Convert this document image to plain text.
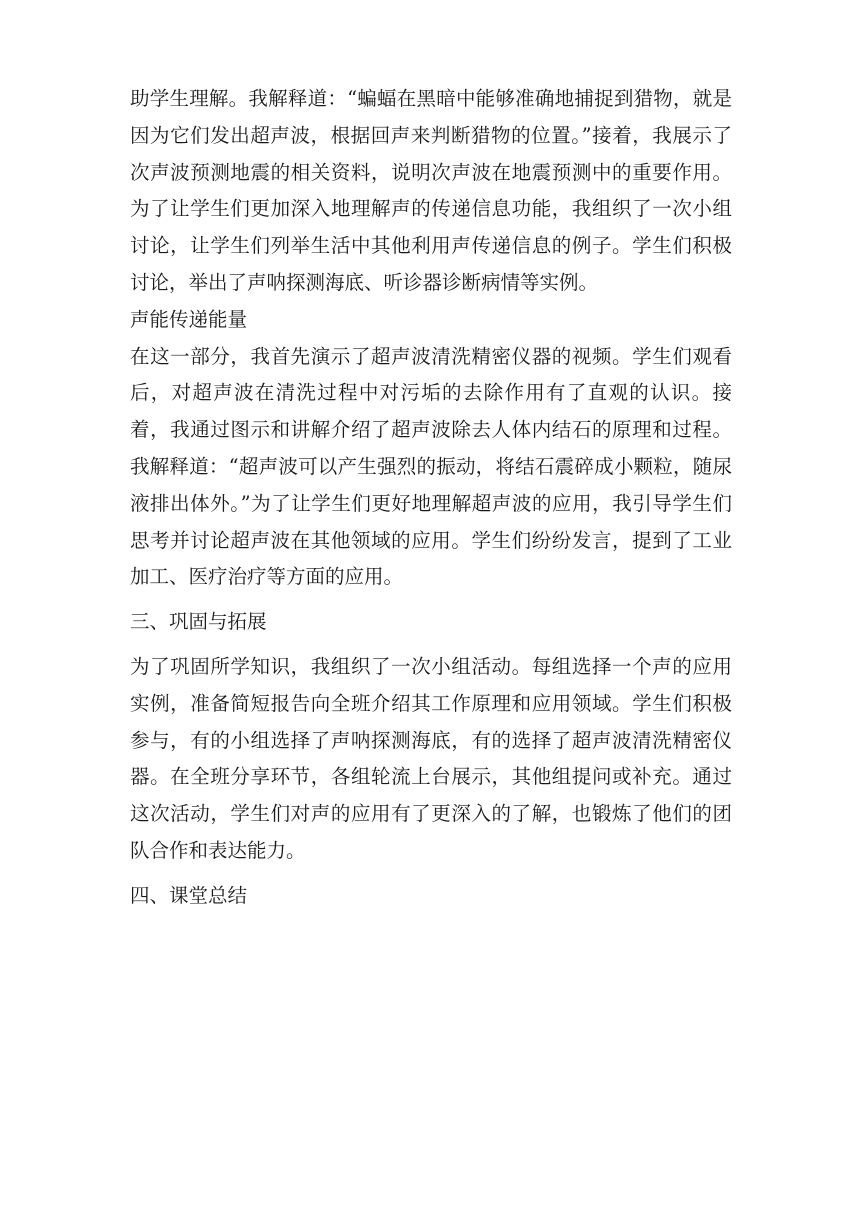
助学生理解。我解释道：“蝙蝠在黑暗中能够准确地捕捉到猎物，就是因为它们发出超声波，根据回声来判断猎物的位置。”接着，我展示了次声波预测地震的相关资料，说明次声波在地震预测中的重要作用。为了让学生们更加深入地理解声的传递信息功能，我组织了一次小组讨论，让学生们列举生活中其他利用声传递信息的例子。学生们积极讨论，举出了声呐探测海底、听诊器诊断病情等实例。

声能传递能量

在这一部分，我首先演示了超声波清洗精密仪器的视频。学生们观看后，对超声波在清洗过程中对污垢的去除作用有了直观的认识。接着，我通过图示和讲解介绍了超声波除去人体内结石的原理和过程。我解释道：“超声波可以产生强烈的振动，将结石震碎成小颗粒，随尿液排出体外。”为了让学生们更好地理解超声波的应用，我引导学生们思考并讨论超声波在其他领域的应用。学生们纷纷发言，提到了工业加工、医疗治疗等方面的应用。

三、巩固与拓展

为了巩固所学知识，我组织了一次小组活动。每组选择一个声的应用实例，准备简短报告向全班介绍其工作原理和应用领域。学生们积极参与，有的小组选择了声呐探测海底，有的选择了超声波清洗精密仪器。在全班分享环节，各组轮流上台展示，其他组提问或补充。通过这次活动，学生们对声的应用有了更深入的了解，也锻炼了他们的团队合作和表达能力。

四、课堂总结
